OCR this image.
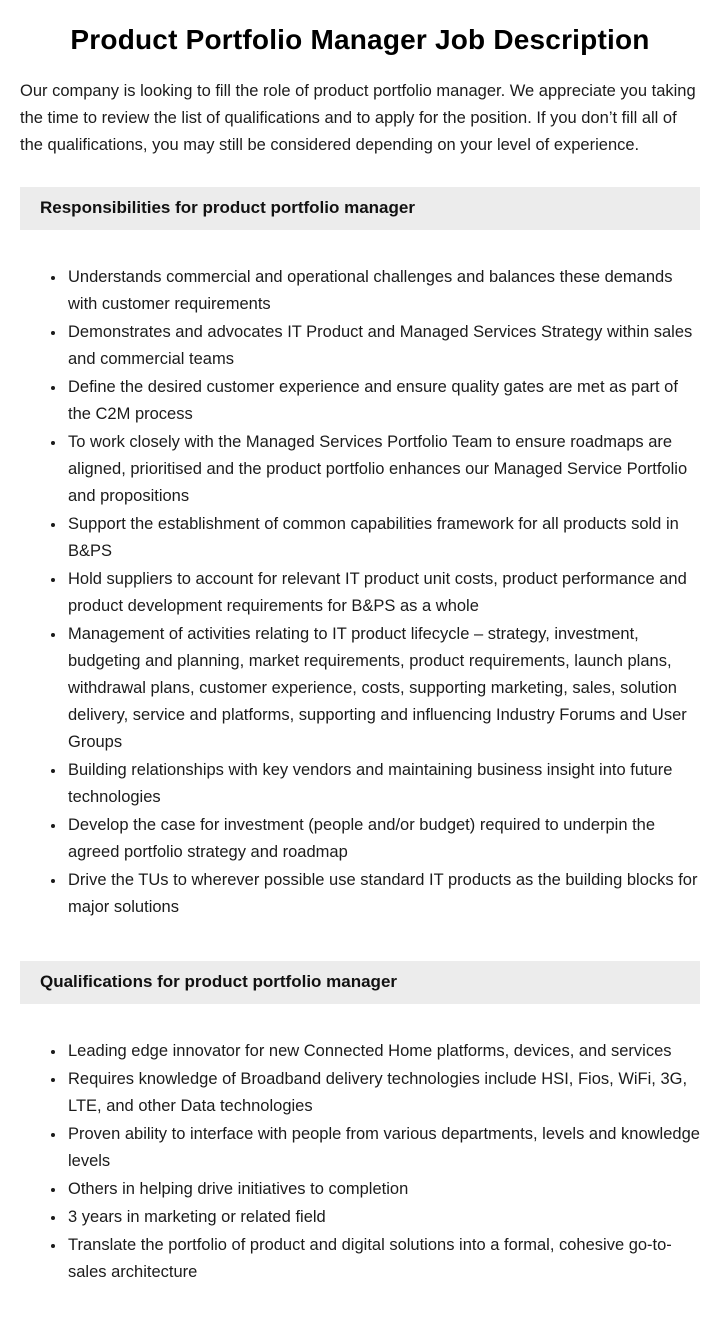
Product Portfolio Manager Job Description

Our company is looking to fill the role of product portfolio manager. We appreciate you taking the time to review the list of qualifications and to apply for the position. If you don’t fill all of the qualifications, you may still be considered depending on your level of experience.

Responsibilities for product portfolio manager
• Understands commercial and operational challenges and balances these demands with customer requirements
• Demonstrates and advocates IT Product and Managed Services Strategy within sales and commercial teams
• Define the desired customer experience and ensure quality gates are met as part of the C2M process
• To work closely with the Managed Services Portfolio Team to ensure roadmaps are aligned, prioritised and the product portfolio enhances our Managed Service Portfolio and propositions
• Support the establishment of common capabilities framework for all products sold in B&PS
• Hold suppliers to account for relevant IT product unit costs, product performance and product development requirements for B&PS as a whole
• Management of activities relating to IT product lifecycle – strategy, investment, budgeting and planning, market requirements, product requirements, launch plans, withdrawal plans, customer experience, costs, supporting marketing, sales, solution delivery, service and platforms, supporting and influencing Industry Forums and User Groups
• Building relationships with key vendors and maintaining business insight into future technologies
• Develop the case for investment (people and/or budget) required to underpin the agreed portfolio strategy and roadmap
• Drive the TUs to wherever possible use standard IT products as the building blocks for major solutions
Qualifications for product portfolio manager
• Leading edge innovator for new Connected Home platforms, devices, and services
• Requires knowledge of Broadband delivery technologies include HSI, Fios, WiFi, 3G, LTE, and other Data technologies
• Proven ability to interface with people from various departments, levels and knowledge levels
• Others in helping drive initiatives to completion
• 3 years in marketing or related field
• Translate the portfolio of product and digital solutions into a formal, cohesive go-to-sales architecture
